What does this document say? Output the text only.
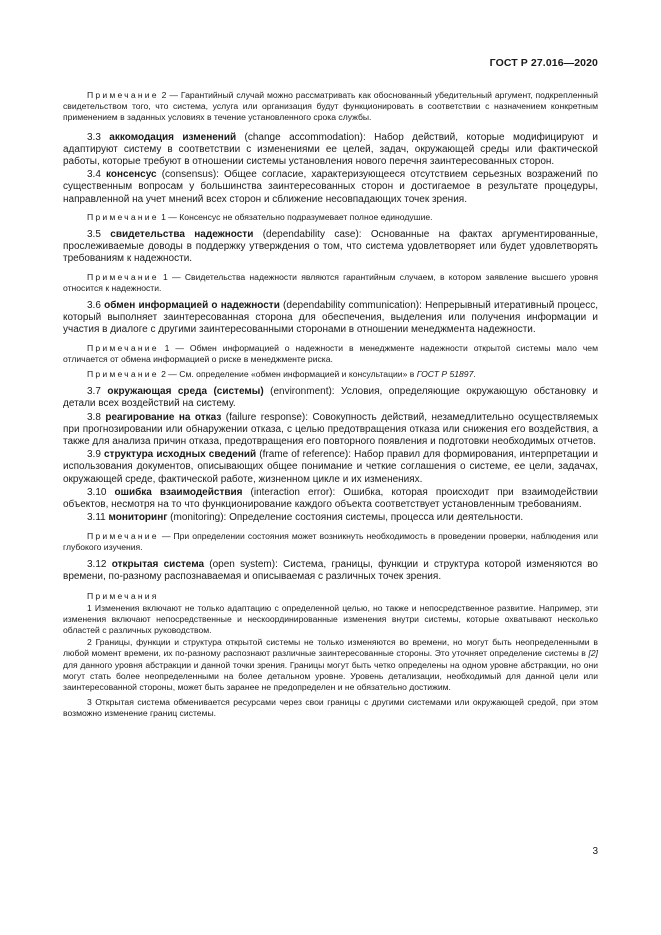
ГОСТ Р 27.016—2020

Примечание 2 — Гарантийный случай можно рассматривать как обоснованный убедительный аргумент, подкрепленный свидетельством того, что система, услуга или организация будут функционировать в соответствии с назначением конкретным применением в заданных условиях в течение установленного срока службы.

3.3 аккомодация изменений (change accommodation): Набор действий, которые модифицируют и адаптируют систему в соответствии с изменениями ее целей, задач, окружающей среды или фактической работы, которые требуют в отношении системы установления нового перечня заинтересованных сторон.

3.4 консенсус (consensus): Общее согласие, характеризующееся отсутствием серьезных возражений по существенным вопросам у большинства заинтересованных сторон и достигаемое в результате процедуры, направленной на учет мнений всех сторон и сближение несовпадающих точек зрения.

Примечание 1 — Консенсус не обязательно подразумевает полное единодушие.

3.5 свидетельства надежности (dependability case): Основанные на фактах аргументированные, прослеживаемые доводы в поддержку утверждения о том, что система удовлетворяет или будет удовлетворять требованиям к надежности.

Примечание 1 — Свидетельства надежности являются гарантийным случаем, в котором заявление высшего уровня относится к надежности.

3.6 обмен информацией о надежности (dependability communication): Непрерывный итеративный процесс, который выполняет заинтересованная сторона для обеспечения, выделения или получения информации и участия в диалоге с другими заинтересованными сторонами в отношении менеджмента надежности.

Примечание 1 — Обмен информацией о надежности в менеджменте надежности открытой системы мало чем отличается от обмена информацией о риске в менеджменте риска.

Примечание 2 — См. определение «обмен информацией и консультации» в ГОСТ Р 51897.

3.7 окружающая среда (системы) (environment): Условия, определяющие окружающую обстановку и детали всех воздействий на систему.

3.8 реагирование на отказ (failure response): Совокупность действий, незамедлительно осуществляемых при прогнозировании или обнаружении отказа, с целью предотвращения отказа или снижения его воздействия, а также для анализа причин отказа, предотвращения его повторного появления и подготовки необходимых отчетов.

3.9 структура исходных сведений (frame of reference): Набор правил для формирования, интерпретации и использования документов, описывающих общее понимание и четкие соглашения о системе, ее цели, задачах, окружающей среде, фактической работе, жизненном цикле и их изменениях.

3.10 ошибка взаимодействия (interaction error): Ошибка, которая происходит при взаимодействии объектов, несмотря на то что функционирование каждого объекта соответствует установленным требованиям.

3.11 мониторинг (monitoring): Определение состояния системы, процесса или деятельности.

Примечание — При определении состояния может возникнуть необходимость в проведении проверки, наблюдения или глубокого изучения.

3.12 открытая система (open system): Система, границы, функции и структура которой изменяются во времени, по-разному распознаваемая и описываемая с различных точек зрения.

Примечания

1 Изменения включают не только адаптацию с определенной целью, но также и непосредственное развитие. Например, эти изменения включают непосредственные и нескоординированные изменения внутри системы, которые охватывают несколько областей с различных руководством.

2 Границы, функции и структура открытой системы не только изменяются во времени, но могут быть неопределенными в любой момент времени, их по-разному распознают различные заинтересованные стороны. Это уточняет определение системы в [2] для данного уровня абстракции и данной точки зрения. Границы могут быть четко определены на одном уровне абстракции, но они могут стать более неопределенными на более детальном уровне. Уровень детализации, необходимый для данной цели или заинтересованной стороны, может быть заранее не предопределен и не обязательно достижим.

3 Открытая система обменивается ресурсами через свои границы с другими системами или окружающей средой, при этом возможно изменение границ системы.

3
